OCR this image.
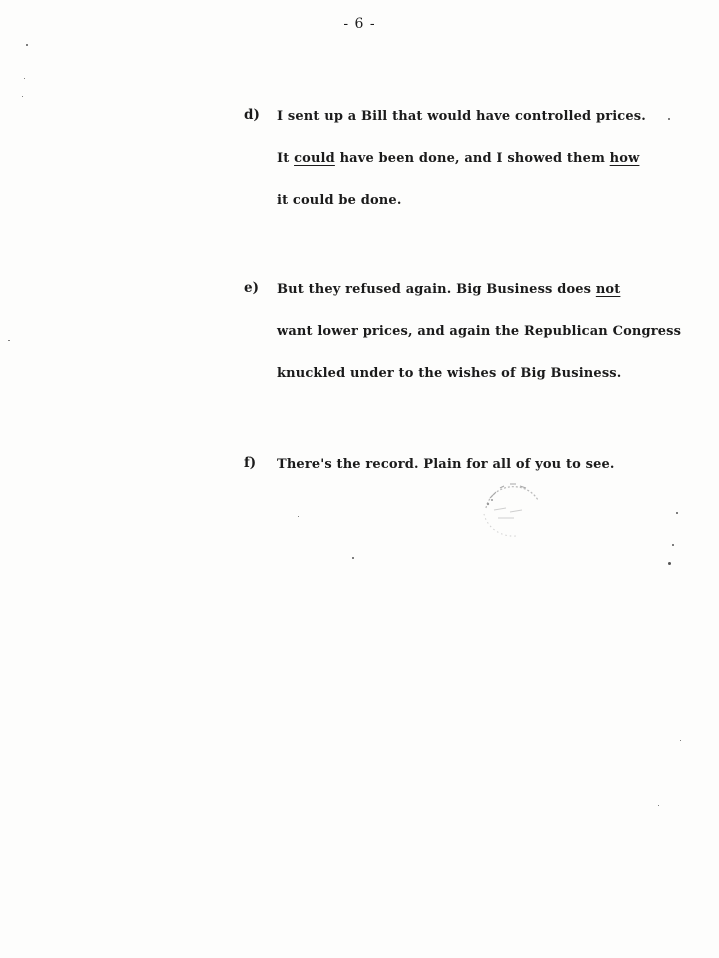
- 6 -
d) I sent up a Bill that would have controlled prices.
It could have been done, and I showed them how
it could be done.
e) But they refused again. Big Business does not
want lower prices, and again the Republican Congress
knuckled under to the wishes of Big Business.
f) There's the record. Plain for all of you to see.
